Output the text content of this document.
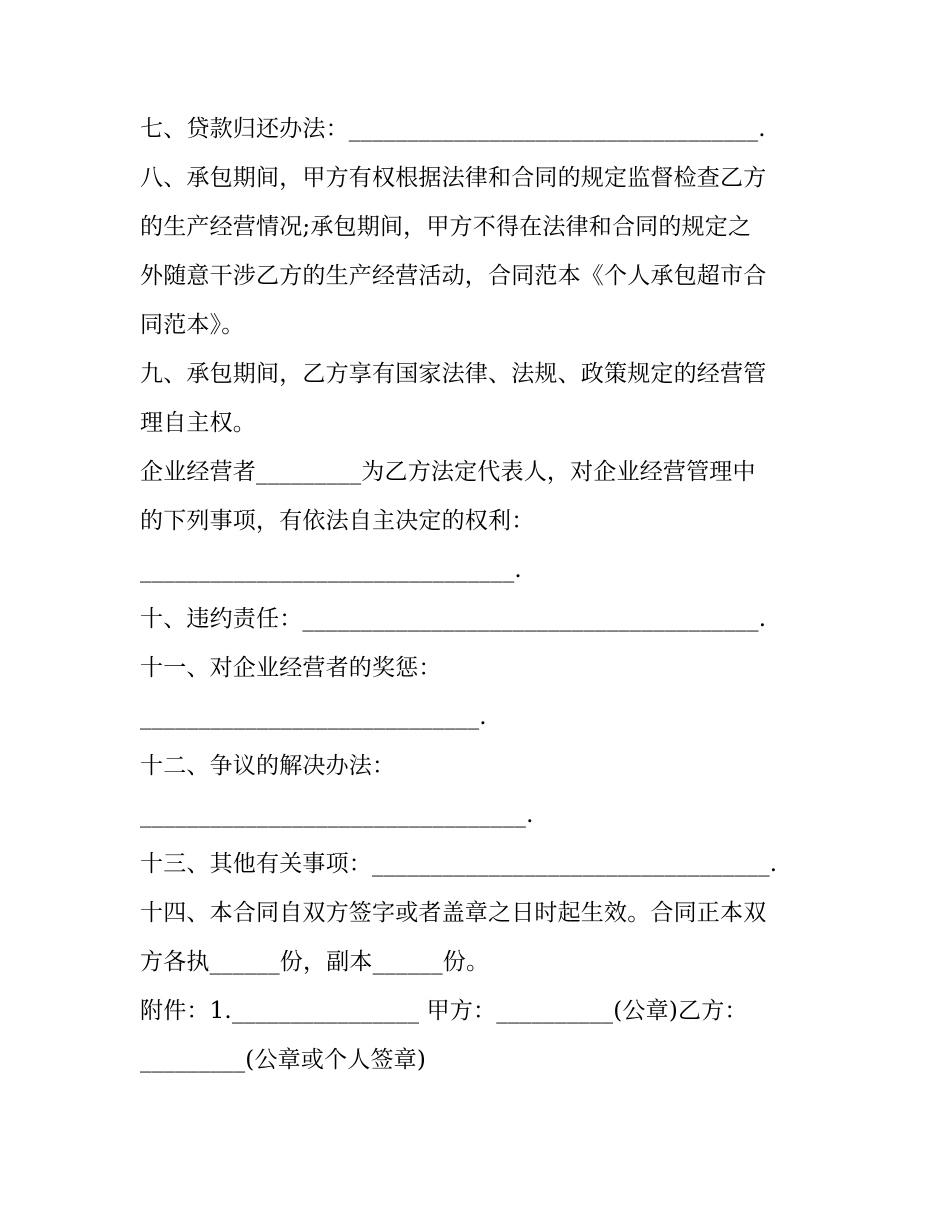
七、贷款归还办法：___________________________________.
八、承包期间，甲方有权根据法律和合同的规定监督检查乙方
的生产经营情况;承包期间，甲方不得在法律和合同的规定之
外随意干涉乙方的生产经营活动，合同范本《个人承包超市合
同范本》。
九、承包期间，乙方享有国家法律、法规、政策规定的经营管
理自主权。
企业经营者_________为乙方法定代表人，对企业经营管理中
的下列事项，有依法自主决定的权利：
________________________________.
十、违约责任：_______________________________________.
十一、对企业经营者的奖惩：
_____________________________.
十二、争议的解决办法：
_________________________________.
十三、其他有关事项：__________________________________.
十四、本合同自双方签字或者盖章之日时起生效。合同正本双
方各执______份，副本______份。
附件：1.________________ 甲方：__________(公章)乙方：
_________(公章或个人签章)
